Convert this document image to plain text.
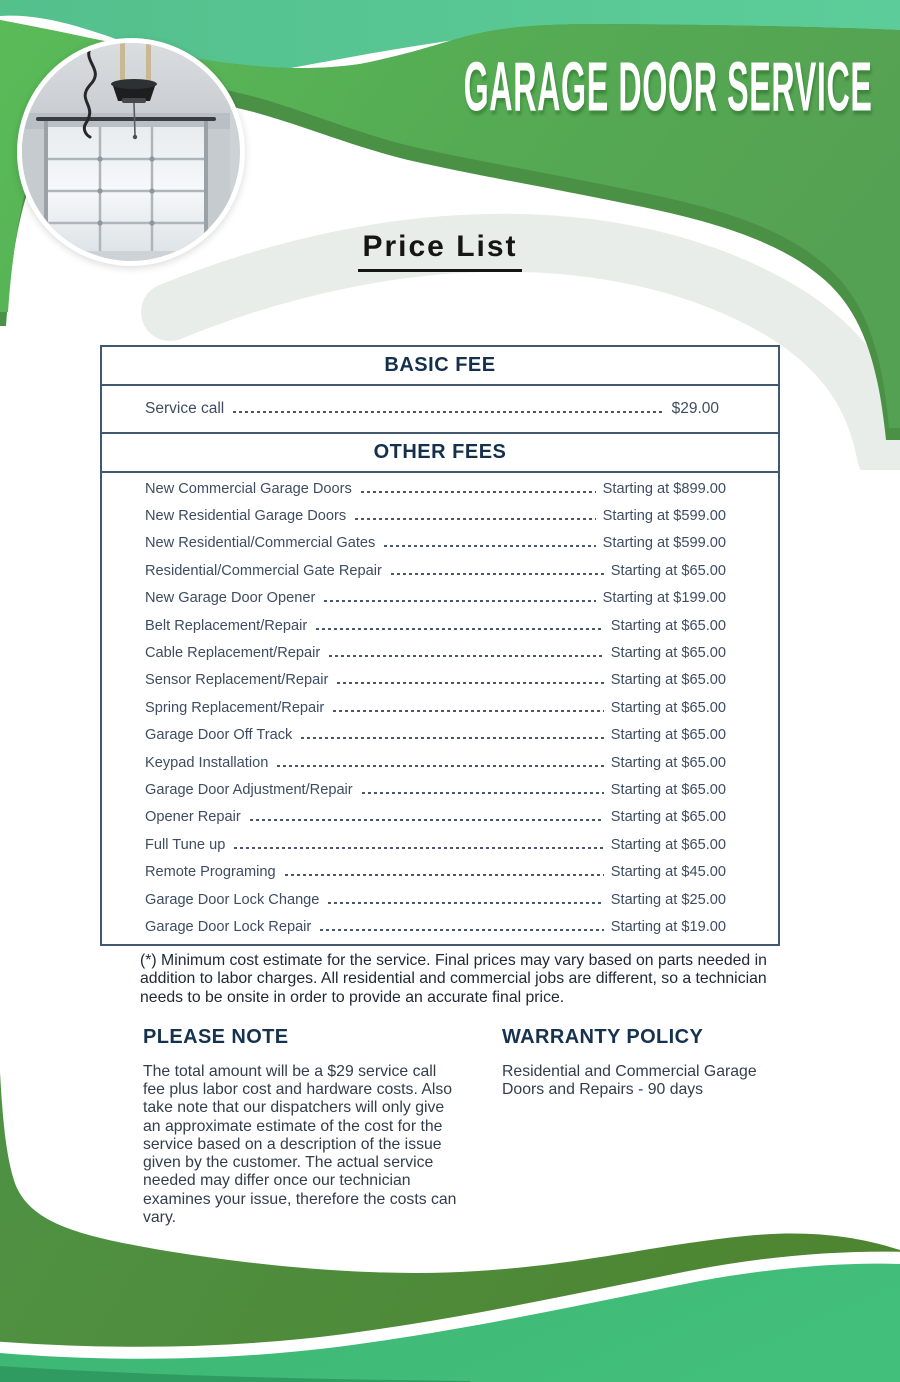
GARAGE DOOR SERVICE
Price List
BASIC FEE
Service call	$29.00
OTHER FEES
New Commercial Garage Doors	Starting at $899.00
New Residential Garage Doors	Starting at $599.00
New Residential/Commercial Gates	Starting at $599.00
Residential/Commercial Gate Repair	Starting at $65.00
New Garage Door Opener	Starting at $199.00
Belt Replacement/Repair	Starting at $65.00
Cable Replacement/Repair	Starting at $65.00
Sensor Replacement/Repair	Starting at $65.00
Spring Replacement/Repair	Starting at $65.00
Garage Door Off Track	Starting at $65.00
Keypad Installation	Starting at $65.00
Garage Door Adjustment/Repair	Starting at $65.00
Opener Repair	Starting at $65.00
Full Tune up	Starting at $65.00
Remote Programing	Starting at $45.00
Garage Door Lock Change	Starting at $25.00
Garage Door Lock Repair	Starting at $19.00
(*) Minimum cost estimate for the service. Final prices may vary based on parts needed in addition to labor charges. All residential and commercial jobs are different, so a technician needs to be onsite in order to provide an accurate final price.
PLEASE NOTE
The total amount will be a $29 service call fee plus labor cost and hardware costs. Also take note that our dispatchers will only give an approximate estimate of the cost for the service based on a description of the issue given by the customer. The actual service needed may differ once our technician examines your issue, therefore the costs can vary.
WARRANTY POLICY
Residential and Commercial Garage Doors and Repairs - 90 days
